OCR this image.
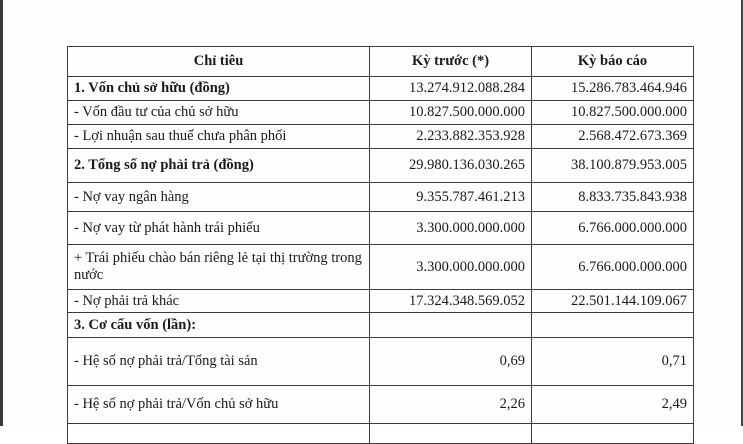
Chỉ tiêu	Kỳ trước (*)	Kỳ báo cáo
1. Vốn chủ sở hữu (đồng)	13.274.912.088.284	15.286.783.464.946
- Vốn đầu tư của chủ sở hữu	10.827.500.000.000	10.827.500.000.000
- Lợi nhuận sau thuế chưa phân phối	2.233.882.353.928	2.568.472.673.369
2. Tổng số nợ phải trả (đồng)	29.980.136.030.265	38.100.879.953.005
- Nợ vay ngân hàng	9.355.787.461.213	8.833.735.843.938
- Nợ vay từ phát hành trái phiếu	3.300.000.000.000	6.766.000.000.000
+ Trái phiếu chào bán riêng lẻ tại thị trường trong nước	3.300.000.000.000	6.766.000.000.000
- Nợ phải trả khác	17.324.348.569.052	22.501.144.109.067
3. Cơ cấu vốn (lần):		
- Hệ số nợ phải trả/Tổng tài sản	0,69	0,71
- Hệ số nợ phải trả/Vốn chủ sở hữu	2,26	2,49
